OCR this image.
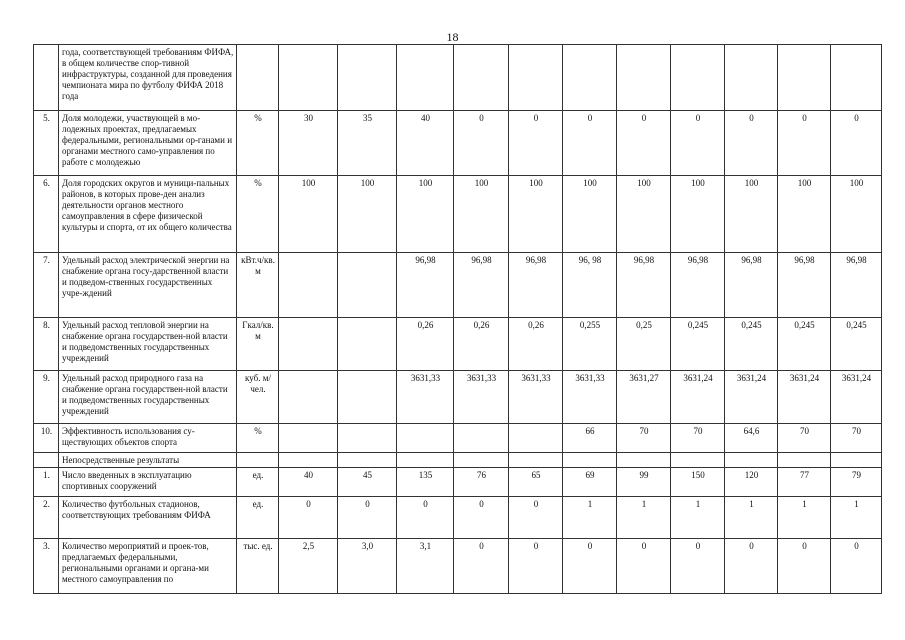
18
	года, соответствующей требованиям ФИФА, в общем количестве спор-тивной инфраструктуры, созданной для проведения чемпионата мира по футболу ФИФА 2018 года												
5.	Доля молодежи, участвующей в мо-лодежных проектах, предлагаемых федеральными, региональными ор-ганами и органами местного само-управления по работе с молодежью	%	30	35	40	0	0	0	0	0	0	0	0
6.	Доля городских округов и муници-пальных районов, в которых прове-ден анализ деятельности органов местного самоуправления в сфере физической культуры и спорта, от их общего количества	%	100	100	100	100	100	100	100	100	100	100	100
7.	Удельный расход электрической энергии на снабжение органа госу-дарственной власти и подведом-ственных государственных учре-ждений	кВт.ч/кв. м			96,98	96,98	96,98	96, 98	96,98	96,98	96,98	96,98	96,98
8.	Удельный расход тепловой энергии на снабжение органа государствен-ной власти и подведомственных государственных учреждений	Гкал/кв. м			0,26	0,26	0,26	0,255	0,25	0,245	0,245	0,245	0,245
9.	Удельный расход природного газа на снабжение органа государствен-ной власти и подведомственных государственных учреждений	куб. м/чел.			3631,33	3631,33	3631,33	3631,33	3631,27	3631,24	3631,24	3631,24	3631,24
10.	Эффективность использования су-ществующих объектов спорта	%						66	70	70	64,6	70	70
	Непосредственные результаты												
1.	Число введенных в эксплуатацию спортивных сооружений	ед.	40	45	135	76	65	69	99	150	120	77	79
2.	Количество футбольных стадионов, соответствующих требованиям ФИФА	ед.	0	0	0	0	0	1	1	1	1	1	1
3.	Количество мероприятий и проек-тов, предлагаемых федеральными, региональными органами и органа-ми местного самоуправления по	тыс. ед.	2,5	3,0	3,1	0	0	0	0	0	0	0	0
